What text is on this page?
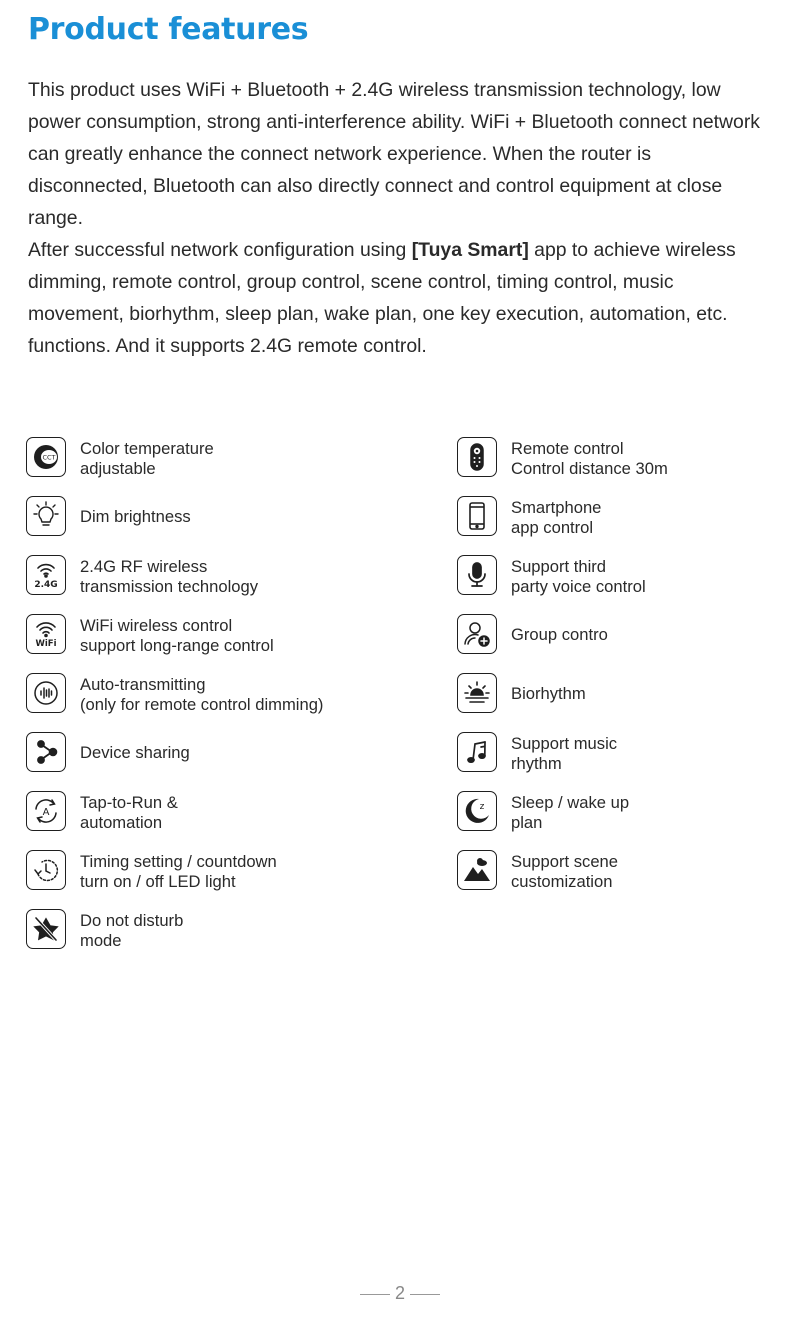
Product features

This product uses WiFi + Bluetooth + 2.4G wireless transmission technology, low power consumption, strong anti-interference ability. WiFi + Bluetooth connect network can greatly enhance the connect network experience. When the router is disconnected, Bluetooth can also directly connect and control equipment at close range.

After successful network configuration using [Tuya Smart] app to achieve wireless dimming, remote control, group control, scene control, timing control, music movement, biorhythm, sleep plan, wake plan, one key execution, automation, etc. functions. And it supports 2.4G remote control.

CCT Color temperature
adjustable
Dim brightness
2.4G
2.4G RF wireless
transmission technology
WiFi
WiFi wireless control
support long-range control
Auto-transmitting
(only for remote control dimming)
Device sharing
A
Tap-to-Run &
automation
Timing setting / countdown
turn on / off LED light
Do not disturb
mode
Remote control
Control distance 30m
Smartphone
app control
Support third
party voice control
Group contro
Biorhythm
Support music
rhythm
z Sleep / wake up
plan
Support scene
customization
2
